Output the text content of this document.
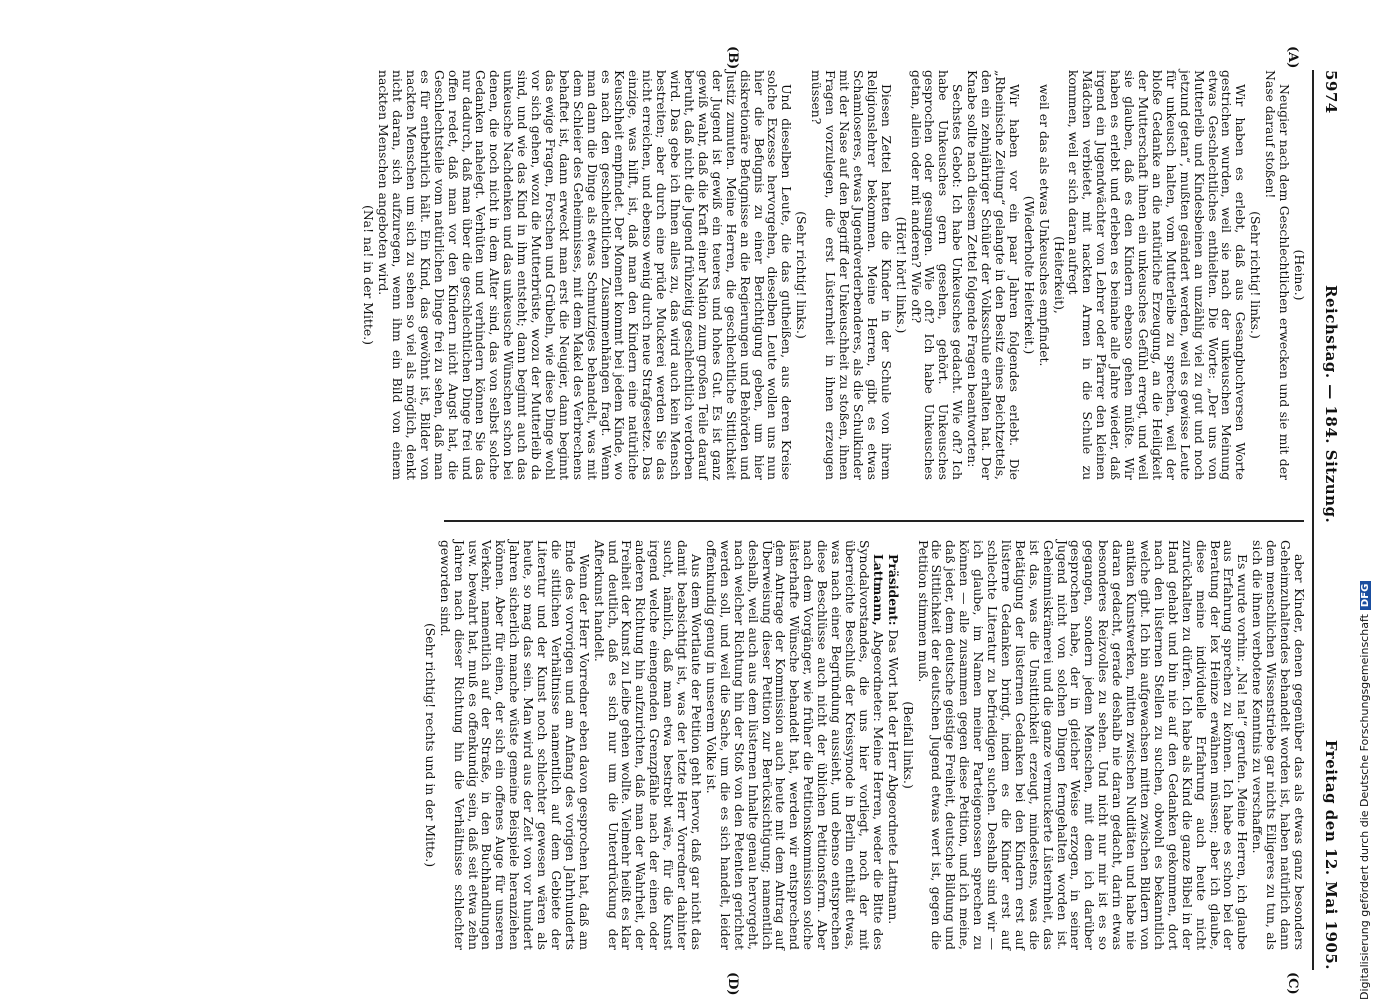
5974
Reichstag. — 184. Sitzung.
Freitag den 12. Mai 1905.
(A)
(B)
(C)
(D)

(Heine.)

Neugier nach dem Geschlechtlichen erwecken und sie mit der Nase darauf stoßen!

(Sehr richtig! links.)

Wir haben es erlebt, daß aus Gesangbuchversen Worte gestrichen wurden, weil sie nach der unkeuschen Meinung etwas Geschlechtliches enthielten. Die Worte: „Der uns von Mutterleib und Kindesbeinen an unzählig viel zu gut und noch jetzund getan“, mußten geändert werden, weil es gewisse Leute für unkeusch halten, vom Mutterleibe zu sprechen, weil der bloße Gedanke an die natürliche Erzeugung, an die Heiligkeit der Mutterschaft ihnen ein unkeusches Gefühl erregt, und weil sie glauben, daß es den Kindern ebenso gehen müßte. Wir haben es erlebt und erleben es beinahe alle Jahre wieder, daß irgend ein Jugendwächter von Lehrer oder Pfarrer den kleinen Mädchen verbietet, mit nackten Armen in die Schule zu kommen, weil er sich daran aufregt

(Heiterkeit),

weil er das als etwas Unkeusches empfindet.

(Wiederholte Heiterkeit.)

Wir haben vor ein paar Jahren folgendes erlebt. Die „Rheinische Zeitung“ gelangte in den Besitz eines Beichtzettels, den ein zehnjähriger Schüler der Volksschule erhalten hat. Der Knabe sollte nach diesem Zettel folgende Fragen beantworten:

Sechstes Gebot: Ich habe Unkeusches gedacht. Wie oft? Ich habe Unkeusches gern gesehen, gehört. Unkeusches gesprochen oder gesungen. Wie oft? Ich habe Unkeusches getan, allein oder mit anderen? Wie oft?

(Hört! hört! links.)

Diesen Zettel hatten die Kinder in der Schule von ihrem Religionslehrer bekommen. Meine Herren, gibt es etwas Schamloseres, etwas Jugendverderbenderes, als die Schulkinder mit der Nase auf den Begriff der Unkeuschheit zu stoßen, ihnen Fragen vorzulegen, die erst Lüsternheit in ihnen erzeugen müssen?

(Sehr richtig! links.)

Und dieselben Leute, die das gutheißen, aus deren Kreise solche Exzesse hervorgehen, dieselben Leute wollen uns nun hier die Befugnis zu einer Berichtigung geben, um hier diskretionäre Befugnisse an die Regierungen und Behörden und Justiz zumuten. Meine Herren, die geschlechtliche Sittlichkeit der Jugend ist gewiß ein teueres und hohes Gut. Es ist ganz gewiß wahr, daß die Kraft einer Nation zum großen Teile darauf beruht, daß nicht die Jugend frühzeitig geschlechtlich verdorben wird. Das gebe ich Ihnen alles zu, das wird auch kein Mensch bestreiten; aber durch eine prüde Muckerei werden Sie das nicht erreichen, und ebenso wenig durch neue Strafgesetze. Das einzige, was hilft, ist, daß man den Kindern eine natürliche Keuschheit empfindet. Der Moment kommt bei jedem Kinde, wo es nach den geschlechtlichen Zusammenhängen fragt. Wenn man dann die Dinge als etwas Schmutziges behandelt, was mit dem Schleier des Geheimnisses, mit dem Makel des Verbrechens behaftet ist, dann erweckt man erst die Neugier, dann beginnt das ewige Fragen, Forschen und Grübeln, wie diese Dinge wohl vor sich gehen, wozu die Mutterbrüste, wozu der Mutterleib da sind, und wie das Kind in ihm entsteht; dann beginnt auch das unkeusche Nachdenken und das unkeusche Wünschen schon bei denen, die noch nicht in dem Alter sind, das von selbst solche Gedanken nahelegt. Verhüten und verhindern können Sie das nur dadurch, daß man über die geschlechtlichen Dinge frei und offen redet, daß man vor den Kindern nicht Angst hat, die Geschlechtsteile vom natürlichen Dinge frei zu sehen, daß man es für entbehrlich hält. Ein Kind, das gewöhnt ist, Bilder von nackten Menschen um sich zu sehen so viel als möglich, denkt nicht daran, sich aufzuregen, wenn ihm ein Bild von einem nackten Menschen angeboten wird.

(Na! na! in der Mitte.)

aber Kinder, denen gegenüber das als etwas ganz besonders Geheimzuhaltendes behandelt worden ist, haben natürlich dann dem menschlichen Wissenstriebe gar nichts Eiligeres zu tun, als sich die ihnen verbotene Kenntnis zu verschaffen.

Es wurde vorhin: „Na! na!“ gerufen. Meine Herren, ich glaube aus Erfahrung sprechen zu können. Ich habe es schon bei der Beratung der lex Heinze erwähnen müssen; aber ich glaube, diese meine individuelle Erfahrung auch heute nicht zurückhalten zu dürfen. Ich habe als Kind die ganze Bibel in der Hand gehabt und bin nie auf den Gedanken gekommen, dort nach den lüsternen Stellen zu suchen, obwohl es bekanntlich welche gibt. Ich bin aufgewachsen mitten zwischen Bildern von antiken Kunstwerken, mitten zwischen Nuditäten und habe nie daran gedacht, gerade deshalb nie daran gedacht, darin etwas besonderes Reizvolles zu sehen. Und nicht nur mir ist es so gegangen, sondern jedem Menschen, mit dem ich darüber gesprochen habe, der in gleicher Weise erzogen, in seiner Jugend nicht von solchen Dingen ferngehalten worden ist. Geheimniskrämerei und die ganze vermuckerte Lüsternheit, das ist das, was die Unsittlichkeit erzeugt, mindestens, was die Betätigung der lüsternen Gedanken bei den Kindern erst auf lüsterne Gedanken bringt, indem es die Kinder erst auf schlechte Literatur zu befriedigen suchen. Deshalb sind wir — ich glaube, im Namen meiner Parteigenossen sprechen zu können — alle zusammen gegen diese Petition, und ich meine, daß jeder, dem deutsche geistige Freiheit, deutsche Bildung und die Sittlichkeit der deutschen Jugend etwas wert ist, gegen die Petition stimmen muß.

(Beifall links.)

Präsident: Das Wort hat der Herr Abgeordnete Lattmann.

Lattmann, Abgeordneter: Meine Herren, weder die Bitte des Synodalvorstandes, die uns hier vorliegt, noch der mit überreichte Beschluß der Kreissynode in Berlin enthält etwas, was nach einer Begründung aussieht, und ebenso entsprechen diese Beschlüsse auch nicht der üblichen Petitionsform. Aber nach dem Vorgänger, wie früher die Petitionskommission solche lästerhafte Wünsche behandelt hat, werden wir entsprechend dem Antrage der Kommission auch heute mit dem Antrag auf Überweisung dieser Petition zur Berücksichtigung; namentlich deshalb, weil auch aus dem lüsternen Inhalte genau hervorgeht, nach welcher Richtung hin der Stoß von den Petenten gerichtet werden soll, und weil die Sache, um die es sich handelt, leider offenkundig genug in unserem Volke ist.

Aus dem Wortlaute der Petition geht hervor, daß gar nicht das damit beabsichtigt ist, was der letzte Herr Vorredner dahinter sucht, nämlich, daß man etwa bestrebt wäre, für die Kunst irgend welche einengenden Grenzpfähle nach der einen oder anderen Richtung hin aufzurichten, daß man der Wahrheit, der Freiheit der Kunst zu Leibe gehen wollte. Vielmehr heißt es klar und deutlich, daß es sich nur um die Unterdrückung der Afterkunst handelt.

Wenn der Herr Vorredner eben davon gesprochen hat, daß am Ende des vorvorigen und am Anfang des vorigen Jahrhunderts die sittlichen Verhältnisse namentlich auf dem Gebiete der Literatur und der Kunst noch schlechter gewesen wären als heute, so mag das sein. Man wird aus der Zeit von vor hundert Jahren sicherlich manche wüste gemeine Beispiele heranziehen können. Aber für einen, der sich ein offenes Auge für unseren Verkehr, namentlich auf der Straße, in den Buchhandlungen usw. bewahrt hat, muß es offenkundig sein, daß seit etwa zehn Jahren nach dieser Richtung hin die Verhältnisse schlechter geworden sind.

(Sehr richtig! rechts und in der Mitte.)	Digitalisierung gefördert durch die Deutsche ForschungsgemeinschaftDFG
